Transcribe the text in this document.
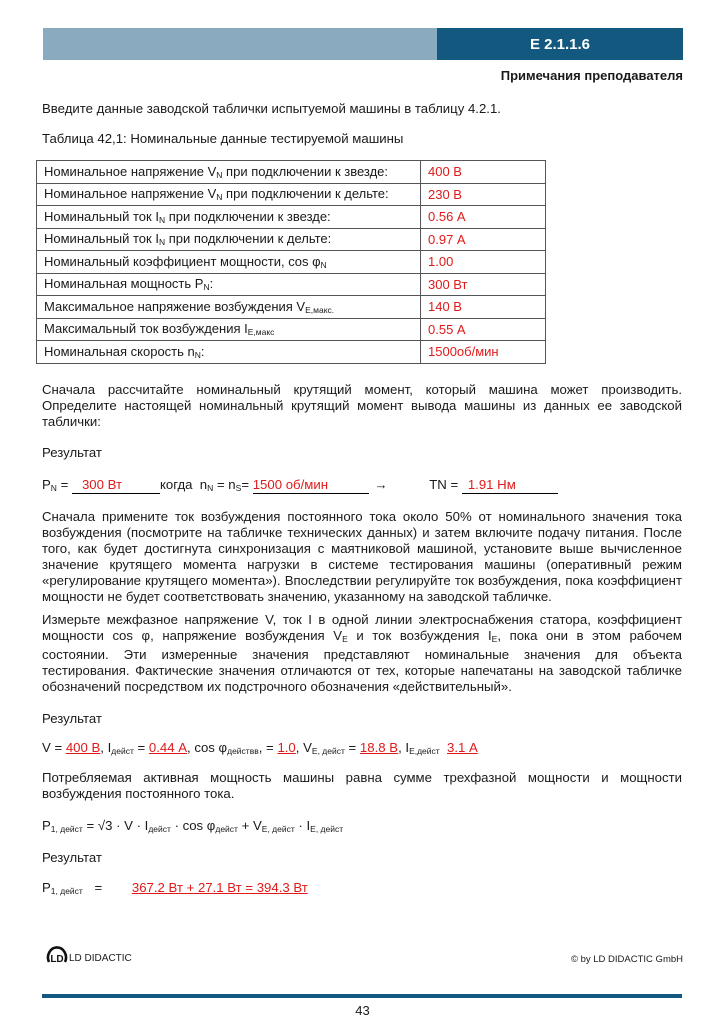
E 2.1.1.6
Примечания преподавателя
Введите данные заводской таблички испытуемой машины в таблицу 4.2.1.
Таблица 42,1: Номинальные данные тестируемой машины
Номинальное напряжение $V_N$ при подключении к звезде:	400 В
Номинальное напряжение $V_N$ при подключении к дельте:	230 В
Номинальный ток $I_N$ при подключении к звезде:	0.56 А
Номинальный ток $I_N$ при подключении к дельте:	0.97 А
Номинальный коэффициент мощности, $\cos \varphi_N$	1.00
Номинальная мощность $P_N$:	300 Вт
Максимальное напряжение возбуждения $V_{E,макс.}$	140 В
Максимальный ток возбуждения $I_{E,макс}$	0.55 А
Номинальная скорость $n_N$:	1500об/мин
Сначала рассчитайте номинальный крутящий момент, который машина может производить. Определите настоящей номинальный крутящий момент вывода машины из данных ее заводской таблички:
Результат
$P_N = 300$ Вт	когда $n_N = n_S= 1500$ об/мин	→	TN = 1.91 Нм
Сначала примените ток возбуждения постоянного тока около 50% от номинального значения тока возбуждения (посмотрите на табличке технических данных) и затем включите подачу питания. После того, как будет достигнута синхронизация с маятниковой машиной, установите выше вычисленное значение крутящего момента нагрузки в системе тестирования машины (оперативный режим «регулирование крутящего момента»). Впоследствии регулируйте ток возбуждения, пока коэффициент мощности не будет соответствовать значению, указанному на заводской табличке.
Измерьте межфазное напряжение V, ток I в одной линии электроснабжения статора, коэффициент мощности cos φ, напряжение возбуждения $V_E$ и ток возбуждения $I_E$, пока они в этом рабочем состоянии. Эти измеренные значения представляют номинальные значения для объекта тестирования. Фактические значения отличаются от тех, которые напечатаны на заводской табличке обозначений посредством их подстрочного обозначения «действительный».
Результат
V = 400 В, $I_{дейст} = 0.44$ А, $\cos \varphi_{действв}$, = 1.0, $V_{E, дейст} = 18.8$ В, $I_{E,дейст}$ 3.1 А
Потребляемая активная мощность машины равна сумме трехфазной мощности и мощности возбуждения постоянного тока.
$P_{1, дейст} = √3 \cdot V \cdot I_{дейст} \cdot \cos \varphi_{дейст} + V_{E, дейст} \cdot I_{E, дейст}$
Результат
$P_{1, дейст} = 367.2$ Вт + 27.1 Вт = 394.3 Вт
LD LD DIDACTIC	© by LD DIDACTIC GmbH
43
